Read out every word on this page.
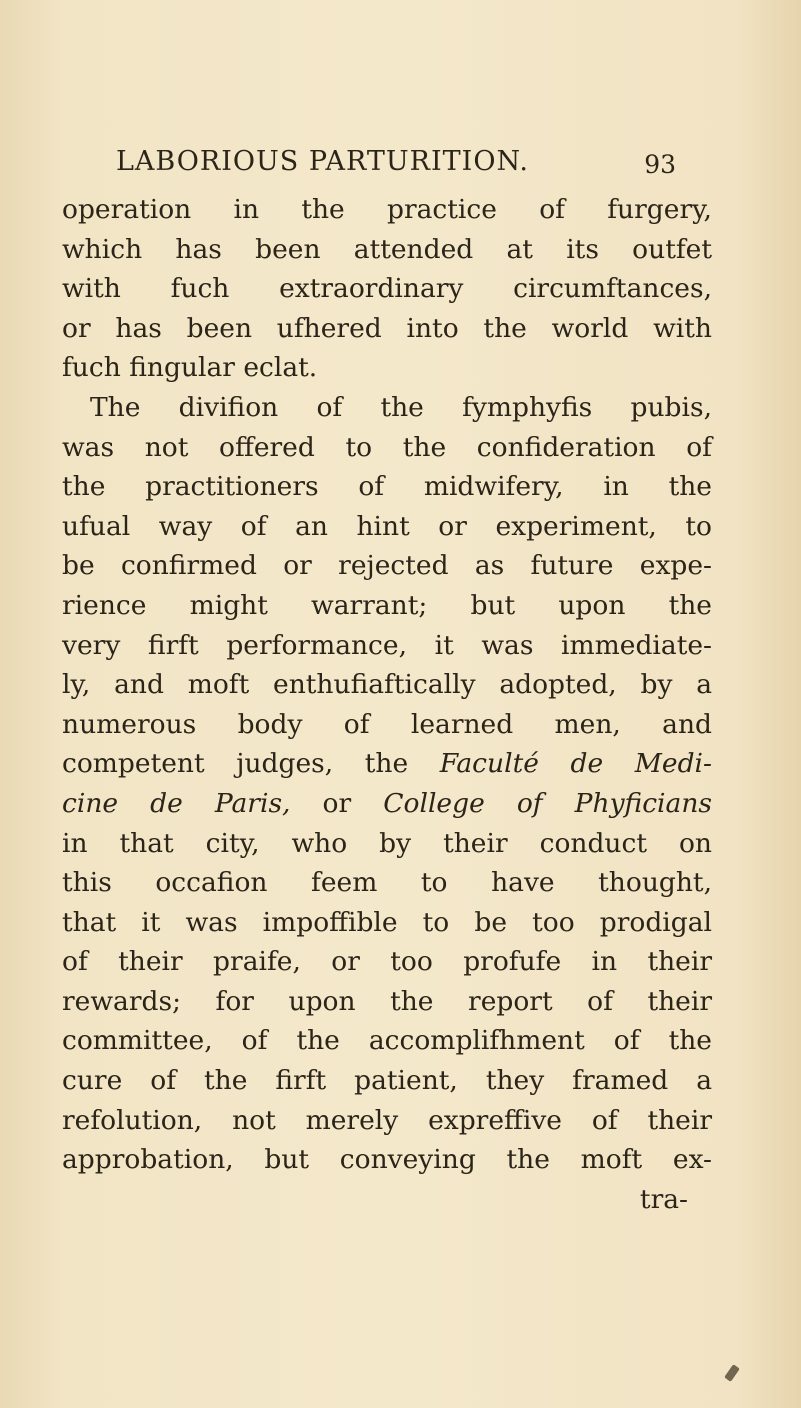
LABORIOUS PARTURITION.	93
operation in the practice of furgery,
which has been attended at its outfet
with fuch extraordinary circumftances,
or has been ufhered into the world with
fuch fingular eclat.
The divifion of the fymphyfis pubis,
was not offered to the confideration of
the practitioners of midwifery, in the
ufual way of an hint or experiment, to
be confirmed or rejected as future expe-
rience might warrant; but upon the
very firft performance, it was immediate-
ly, and moft enthufiaftically adopted, by a
numerous body of learned men, and
competent judges, the Faculté de Medi-
cine de Paris, or College of Phyficians
in that city, who by their conduct on
this occafion feem to have thought,
that it was impoffible to be too prodigal
of their praife, or too profufe in their
rewards; for upon the report of their
committee, of the accomplifhment of the
cure of the firft patient, they framed a
refolution, not merely expreffive of their
approbation, but conveying the moft ex-
tra-
